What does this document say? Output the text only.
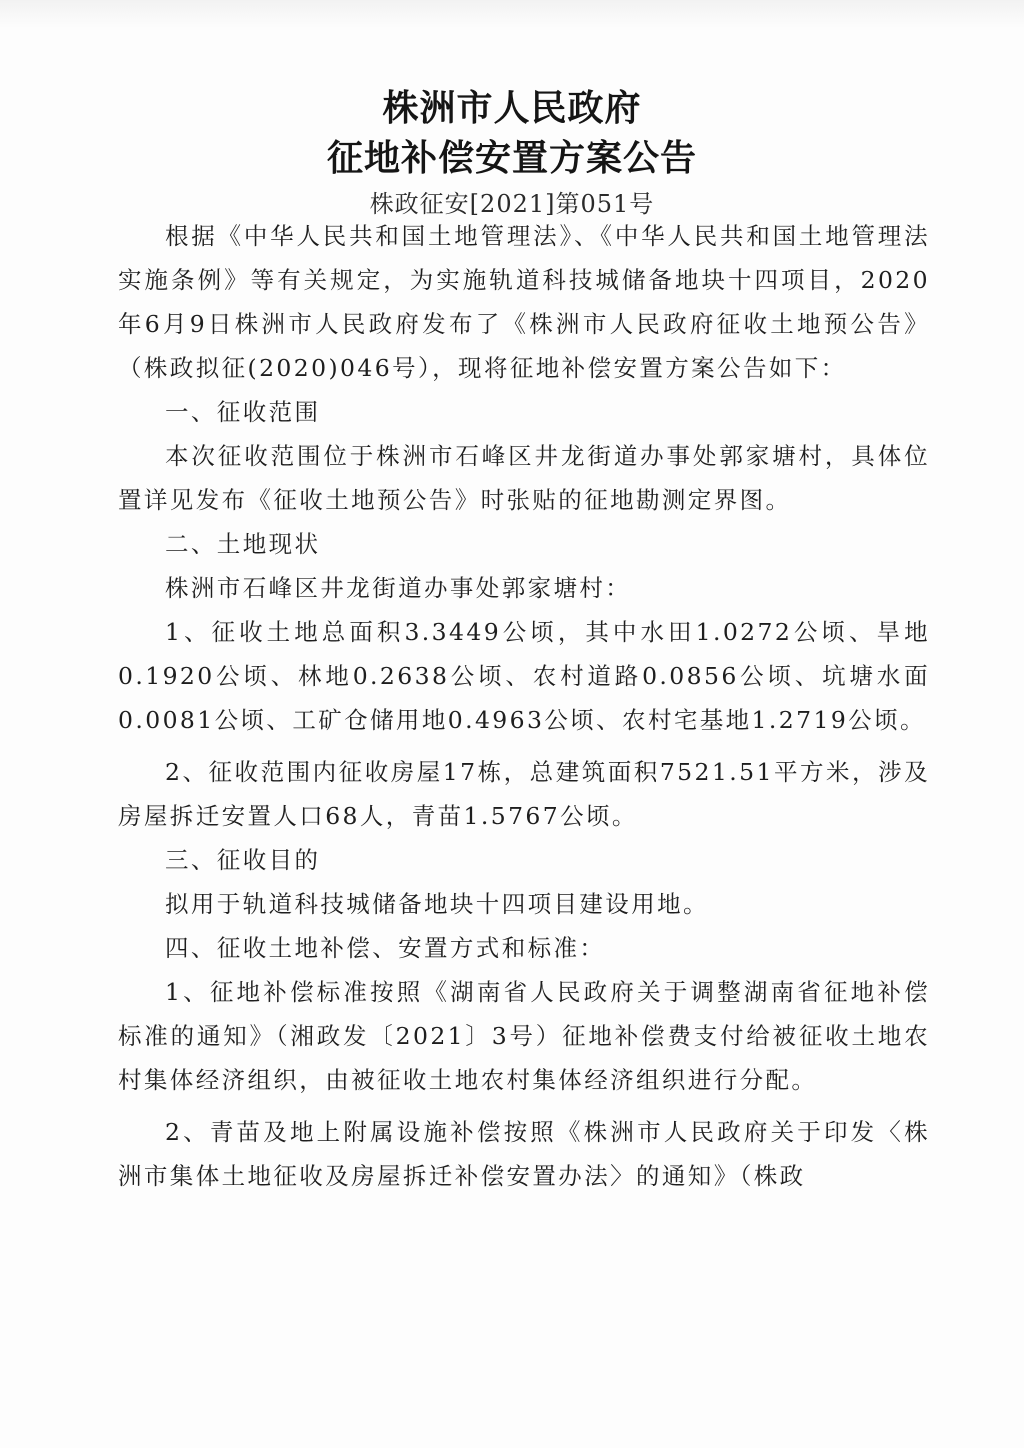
株洲市人民政府
征地补偿安置方案公告
株政征安[2021]第051号

根据《中华人民共和国土地管理法》、《中华人民共和国土地管理法实施条例》等有关规定，为实施轨道科技城储备地块十四项目，2020年6月9日株洲市人民政府发布了《株洲市人民政府征收土地预公告》（株政拟征(2020)046号），现将征地补偿安置方案公告如下：

一、征收范围

本次征收范围位于株洲市石峰区井龙街道办事处郭家塘村，具体位置详见发布《征收土地预公告》时张贴的征地勘测定界图。

二、土地现状

株洲市石峰区井龙街道办事处郭家塘村：

1、征收土地总面积3.3449公顷，其中水田1.0272公顷、旱地0.1920公顷、林地0.2638公顷、农村道路0.0856公顷、坑塘水面0.0081公顷、工矿仓储用地0.4963公顷、农村宅基地1.2719公顷。

2、征收范围内征收房屋17栋，总建筑面积7521.51平方米，涉及房屋拆迁安置人口68人，青苗1.5767公顷。

三、征收目的

拟用于轨道科技城储备地块十四项目建设用地。

四、征收土地补偿、安置方式和标准：

1、征地补偿标准按照《湖南省人民政府关于调整湖南省征地补偿标准的通知》（湘政发〔2021〕3号）征地补偿费支付给被征收土地农村集体经济组织，由被征收土地农村集体经济组织进行分配。

2、青苗及地上附属设施补偿按照《株洲市人民政府关于印发〈株洲市集体土地征收及房屋拆迁补偿安置办法〉的通知》（株政
